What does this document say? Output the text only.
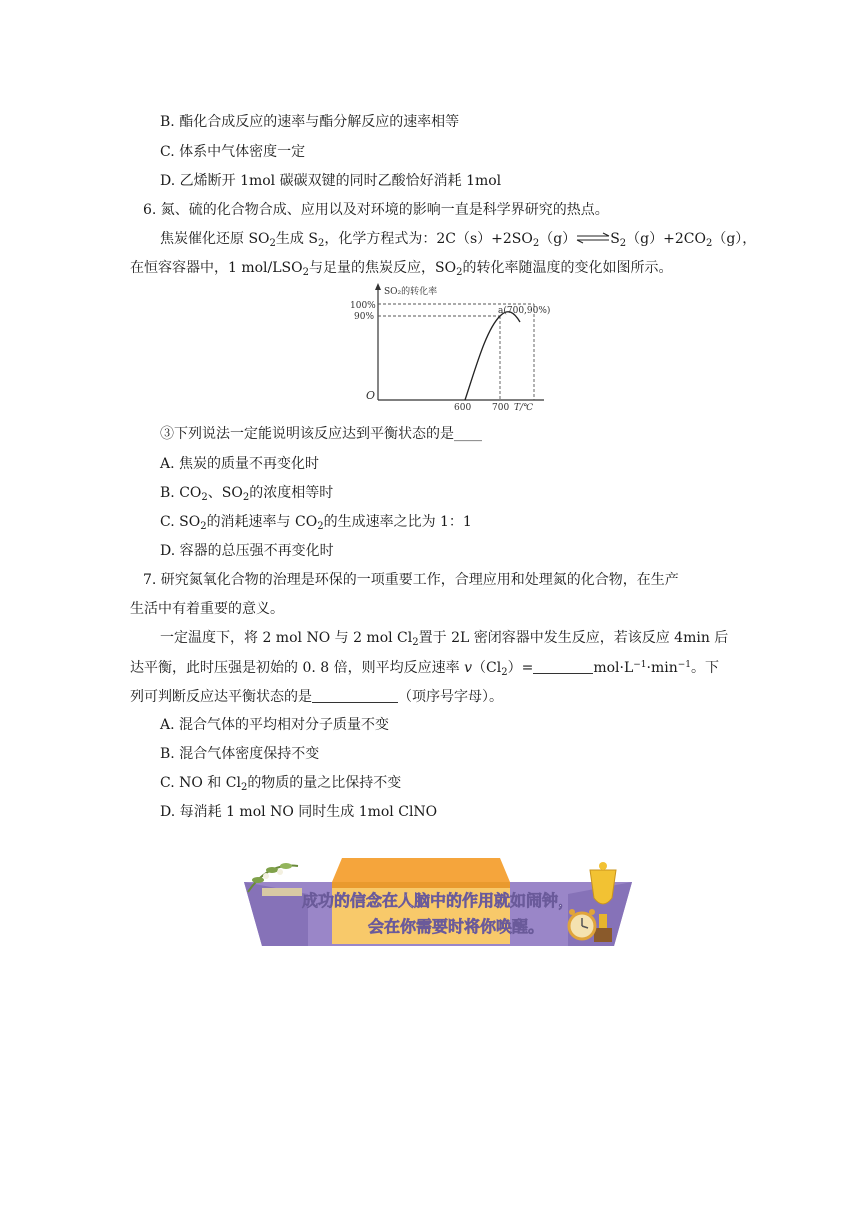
B. 酯化合成反应的速率与酯分解反应的速率相等
C. 体系中气体密度一定
D. 乙烯断开 1mol 碳碳双键的同时乙酸恰好消耗 1mol
6. 氮、硫的化合物合成、应用以及对环境的影响一直是科学界研究的热点。
焦炭催化还原 $SO_2$生成 $S_2$，化学方程式为：$2C(s)+2SO_2(g)\rightleftharpoons S_2(g)+2CO_2(g)$，
在恒容容器中，1 mol/$LSO_2$与足量的焦炭反应，$SO_2$的转化率随温度的变化如图所示。
SO₂的转化率
100%
90%
a(700,90%)
O
600 700 T/℃
③下列说法一定能说明该反应达到平衡状态的是____
A. 焦炭的质量不再变化时
B. $CO_2$、$SO_2$的浓度相等时
C. $SO_2$的消耗速率与 $CO_2$的生成速率之比为 1：1
D. 容器的总压强不再变化时
7. 研究氮氧化合物的治理是环保的一项重要工作，合理应用和处理氮的化合物，在生产
生活中有着重要的意义。
一定温度下，将 2 mol NO 与 2 mol $Cl_2$置于 2L 密闭容器中发生反应，若该反应 4min 后
达平衡，此时压强是初始的 0. 8 倍，则平均反应速率 $v(Cl_2)=$	$mol\cdot L^{-1}\cdot\min^{-1}$。下
列可判断反应达平衡状态的是	（项序号字母）。
A. 混合气体的平均相对分子质量不变
B. 混合气体密度保持不变
C. NO 和 $Cl_2$的物质的量之比保持不变
D. 每消耗 1 mol NO 同时生成 1mol ClNO
成功的信念在人脑中的作用就如闹钟，
会在你需要时将你唤醒。
